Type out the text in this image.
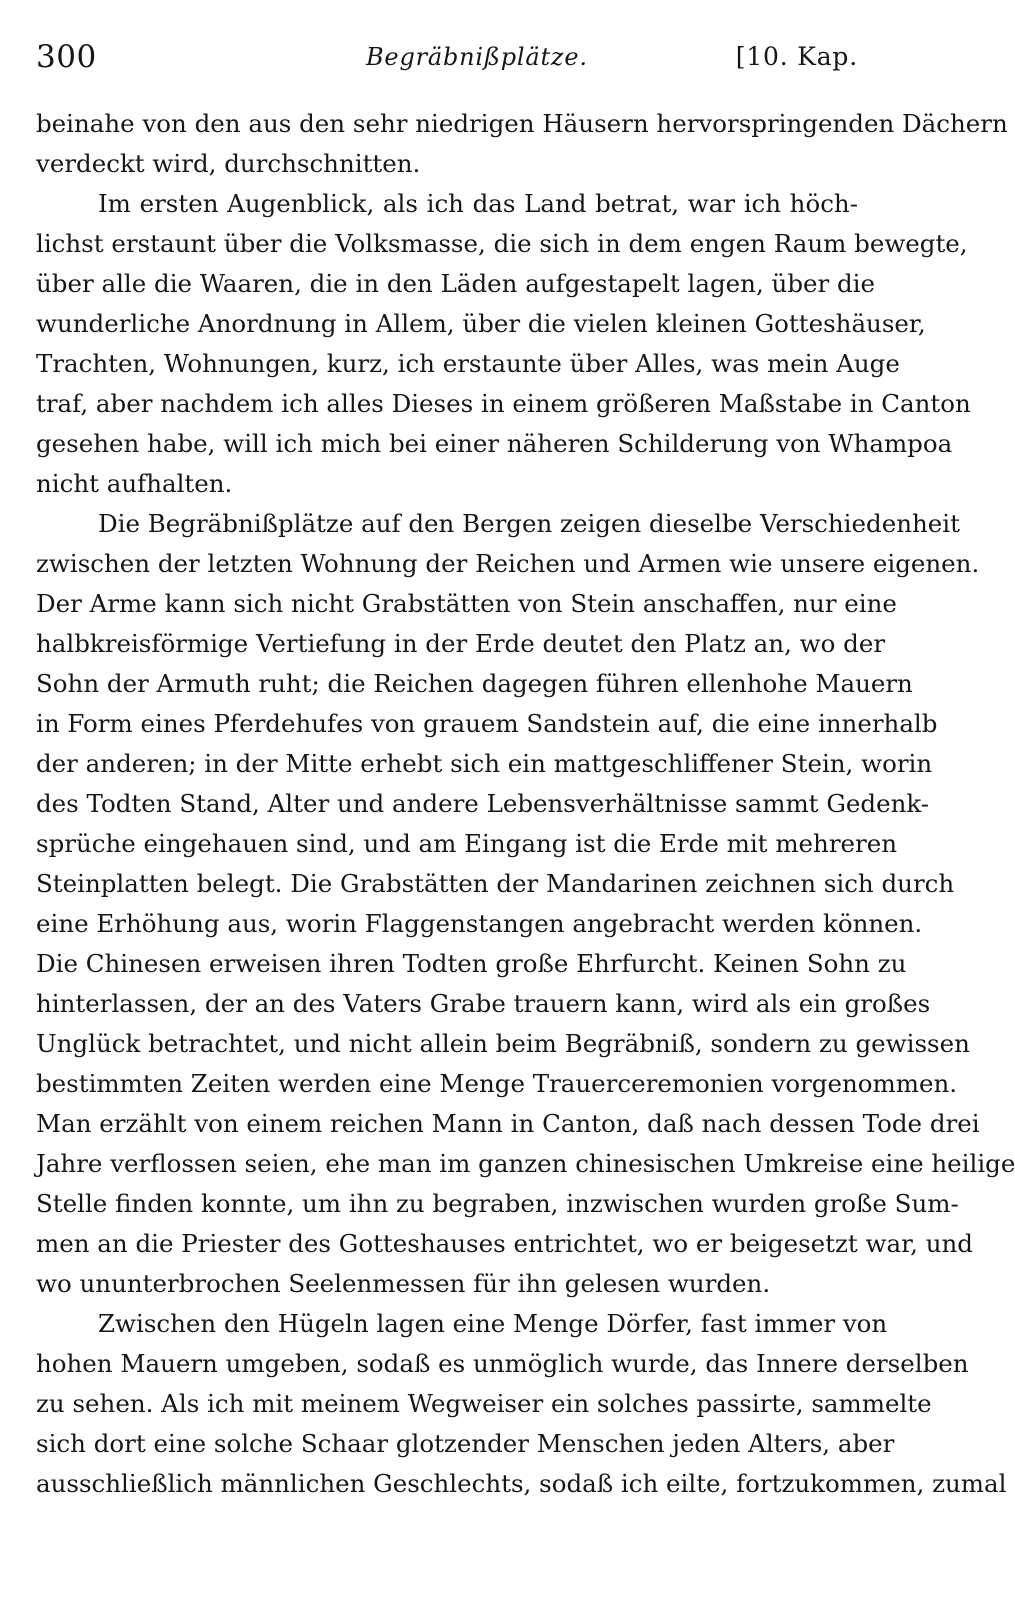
300	Begräbnißplätze.	[10. Kap.
beinahe von den aus den sehr niedrigen Häusern hervorspringenden Dächern
verdeckt wird, durchschnitten.
Im ersten Augenblick, als ich das Land betrat, war ich höch-
lichst erstaunt über die Volksmasse, die sich in dem engen Raum bewegte,
über alle die Waaren, die in den Läden aufgestapelt lagen, über die
wunderliche Anordnung in Allem, über die vielen kleinen Gotteshäuser,
Trachten, Wohnungen, kurz, ich erstaunte über Alles, was mein Auge
traf, aber nachdem ich alles Dieses in einem größeren Maßstabe in Canton
gesehen habe, will ich mich bei einer näheren Schilderung von Whampoa
nicht aufhalten.
Die Begräbnißplätze auf den Bergen zeigen dieselbe Verschiedenheit
zwischen der letzten Wohnung der Reichen und Armen wie unsere eigenen.
Der Arme kann sich nicht Grabstätten von Stein anschaffen, nur eine
halbkreisförmige Vertiefung in der Erde deutet den Platz an, wo der
Sohn der Armuth ruht; die Reichen dagegen führen ellenhohe Mauern
in Form eines Pferdehufes von grauem Sandstein auf, die eine innerhalb
der anderen; in der Mitte erhebt sich ein mattgeschliffener Stein, worin
des Todten Stand, Alter und andere Lebensverhältnisse sammt Gedenk-
sprüche eingehauen sind, und am Eingang ist die Erde mit mehreren
Steinplatten belegt. Die Grabstätten der Mandarinen zeichnen sich durch
eine Erhöhung aus, worin Flaggenstangen angebracht werden können.
Die Chinesen erweisen ihren Todten große Ehrfurcht. Keinen Sohn zu
hinterlassen, der an des Vaters Grabe trauern kann, wird als ein großes
Unglück betrachtet, und nicht allein beim Begräbniß, sondern zu gewissen
bestimmten Zeiten werden eine Menge Trauerceremonien vorgenommen.
Man erzählt von einem reichen Mann in Canton, daß nach dessen Tode drei
Jahre verflossen seien, ehe man im ganzen chinesischen Umkreise eine heilige
Stelle finden konnte, um ihn zu begraben, inzwischen wurden große Sum-
men an die Priester des Gotteshauses entrichtet, wo er beigesetzt war, und
wo ununterbrochen Seelenmessen für ihn gelesen wurden.
Zwischen den Hügeln lagen eine Menge Dörfer, fast immer von
hohen Mauern umgeben, sodaß es unmöglich wurde, das Innere derselben
zu sehen. Als ich mit meinem Wegweiser ein solches passirte, sammelte
sich dort eine solche Schaar glotzender Menschen jeden Alters, aber
ausschließlich männlichen Geschlechts, sodaß ich eilte, fortzukommen, zumal
